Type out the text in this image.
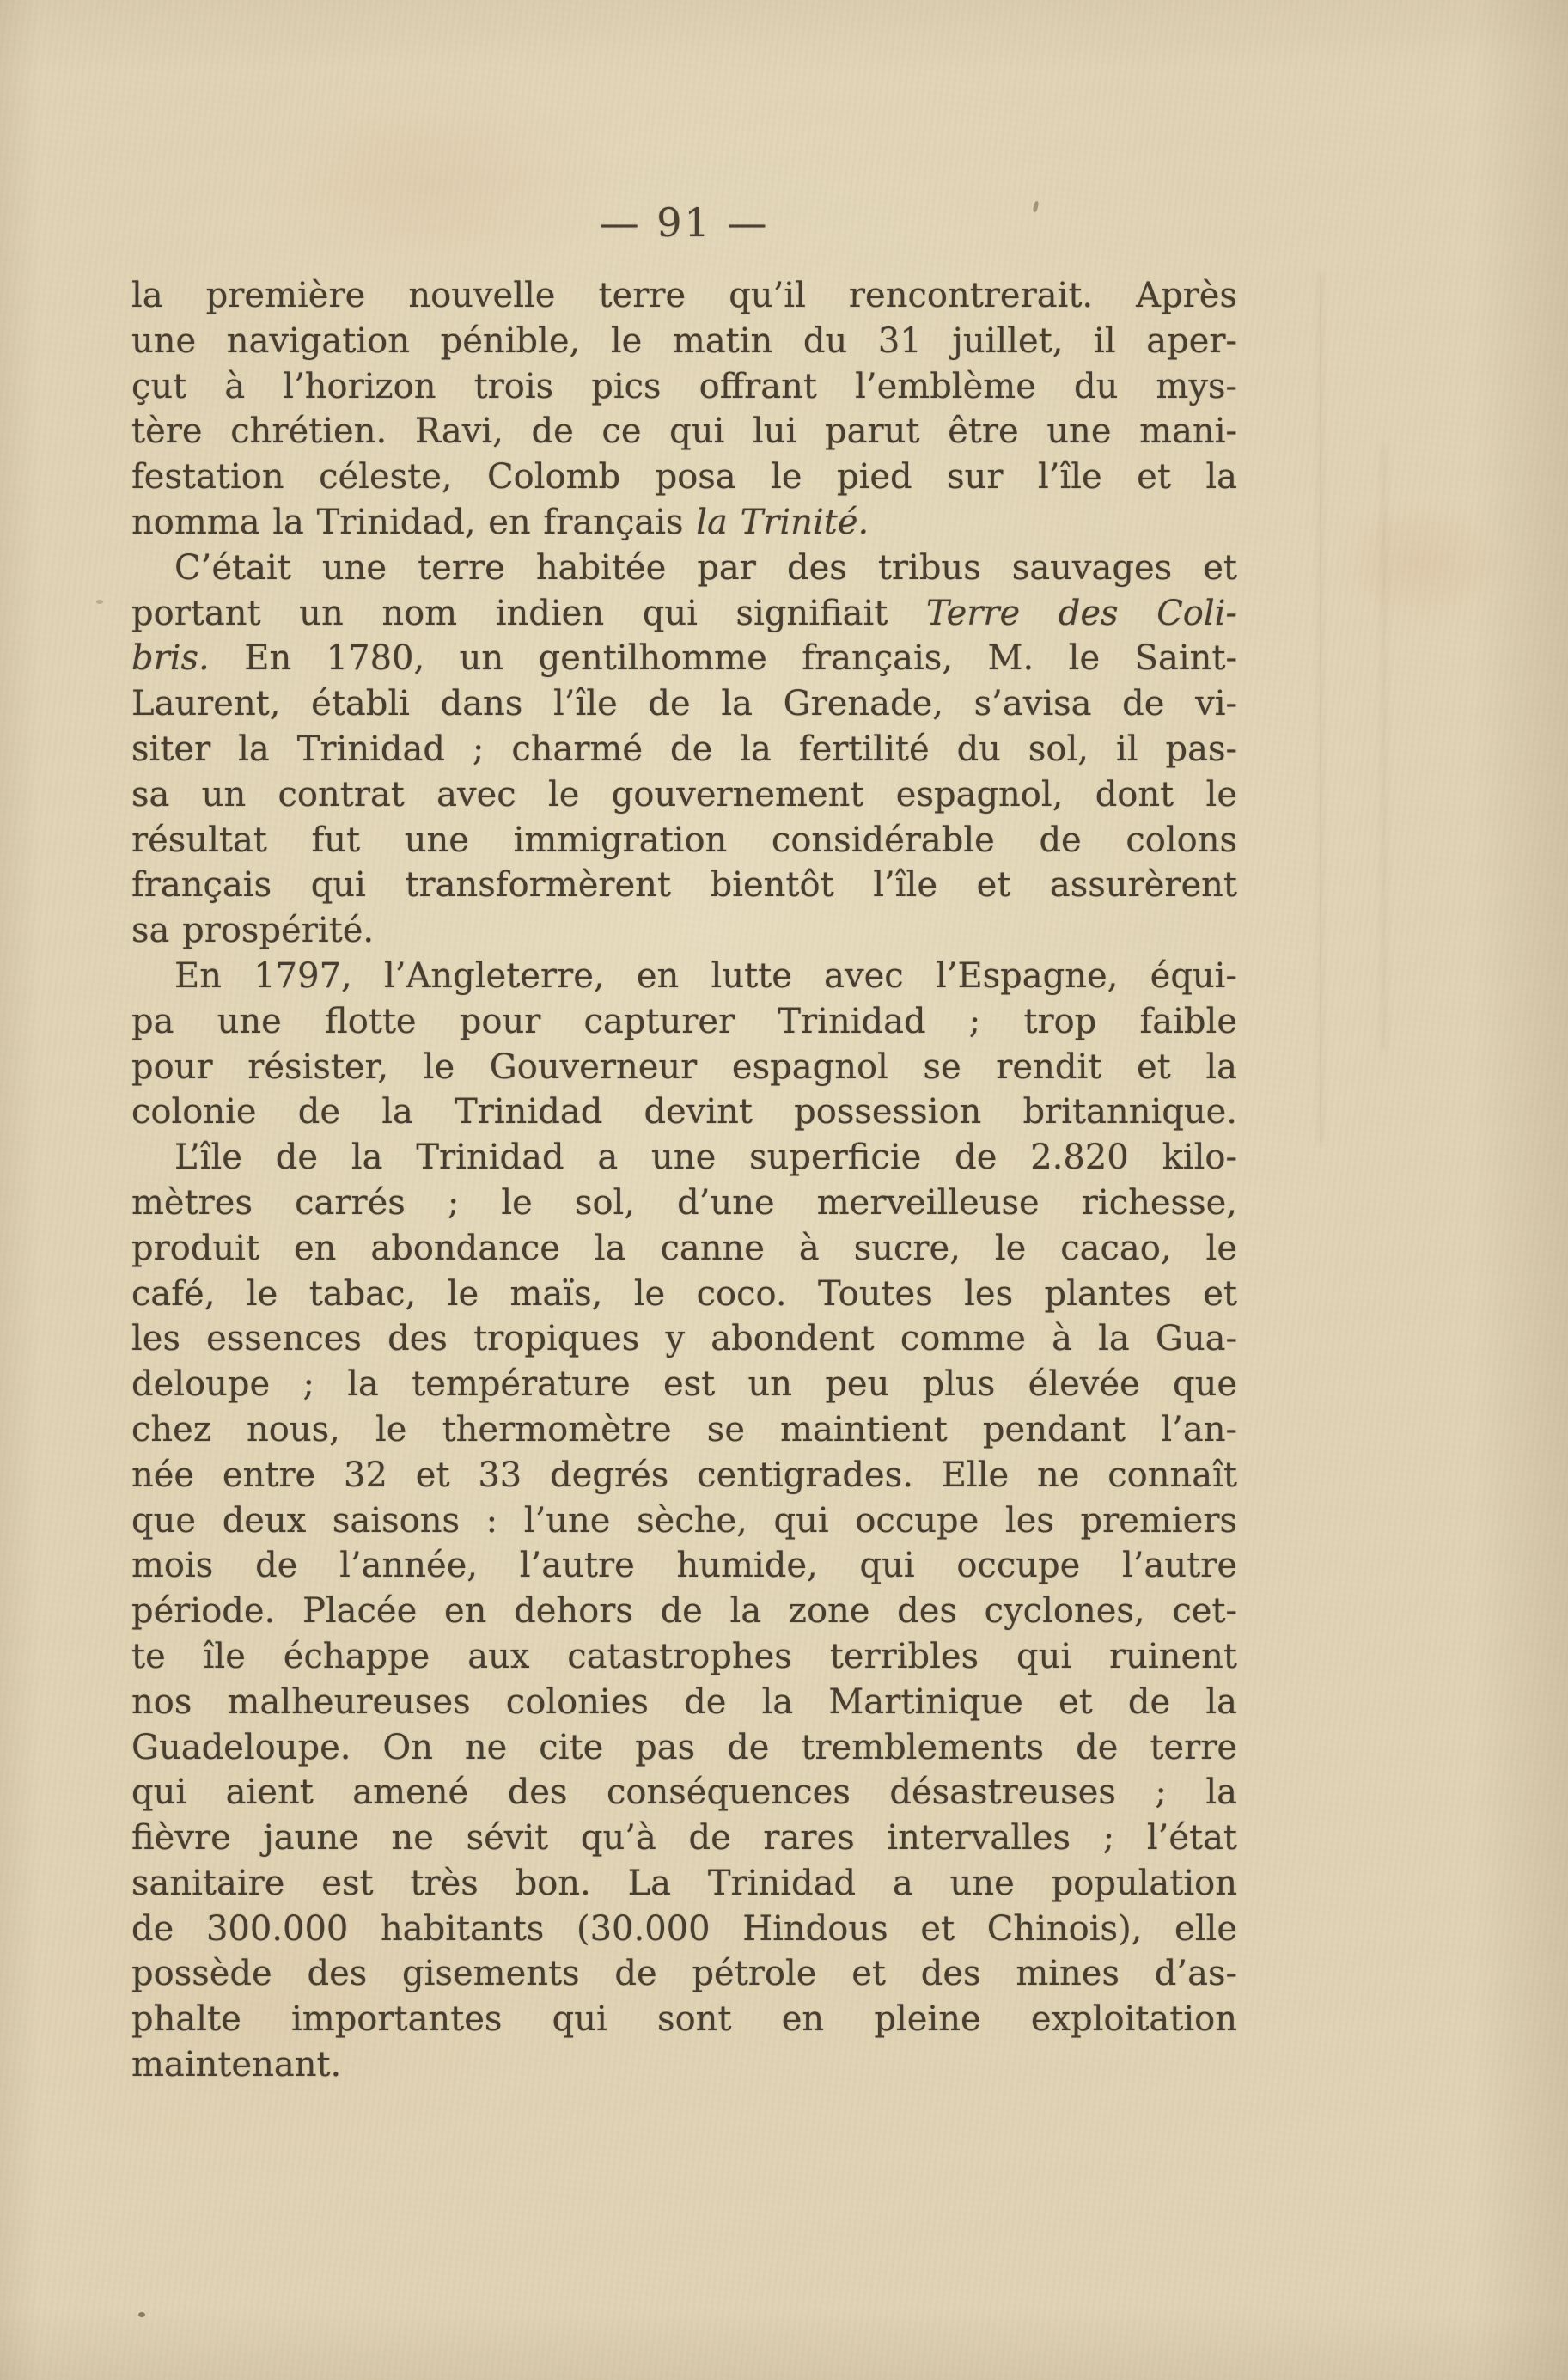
— 91 —
la première nouvelle terre qu’il rencontrerait. Après
une navigation pénible, le matin du 31 juillet, il aper-
çut à l’horizon trois pics offrant l’emblème du mys-
tère chrétien. Ravi, de ce qui lui parut être une mani-
festation céleste, Colomb posa le pied sur l’île et la
nomma la Trinidad, en français la Trinité.
C’était une terre habitée par des tribus sauvages et
portant un nom indien qui signifiait Terre des Coli-
bris. En 1780, un gentilhomme français, M. le Saint-
Laurent, établi dans l’île de la Grenade, s’avisa de vi-
siter la Trinidad ; charmé de la fertilité du sol, il pas-
sa un contrat avec le gouvernement espagnol, dont le
résultat fut une immigration considérable de colons
français qui transformèrent bientôt l’île et assurèrent
sa prospérité.
En 1797, l’Angleterre, en lutte avec l’Espagne, équi-
pa une flotte pour capturer Trinidad ; trop faible
pour résister, le Gouverneur espagnol se rendit et la
colonie de la Trinidad devint possession britannique.
L’île de la Trinidad a une superficie de 2.820 kilo-
mètres carrés ; le sol, d’une merveilleuse richesse,
produit en abondance la canne à sucre, le cacao, le
café, le tabac, le maïs, le coco. Toutes les plantes et
les essences des tropiques y abondent comme à la Gua-
deloupe ; la température est un peu plus élevée que
chez nous, le thermomètre se maintient pendant l’an-
née entre 32 et 33 degrés centigrades. Elle ne connaît
que deux saisons : l’une sèche, qui occupe les premiers
mois de l’année, l’autre humide, qui occupe l’autre
période. Placée en dehors de la zone des cyclones, cet-
te île échappe aux catastrophes terribles qui ruinent
nos malheureuses colonies de la Martinique et de la
Guadeloupe. On ne cite pas de tremblements de terre
qui aient amené des conséquences désastreuses ; la
fièvre jaune ne sévit qu’à de rares intervalles ; l’état
sanitaire est très bon. La Trinidad a une population
de 300.000 habitants (30.000 Hindous et Chinois), elle
possède des gisements de pétrole et des mines d’as-
phalte importantes qui sont en pleine exploitation
maintenant.
